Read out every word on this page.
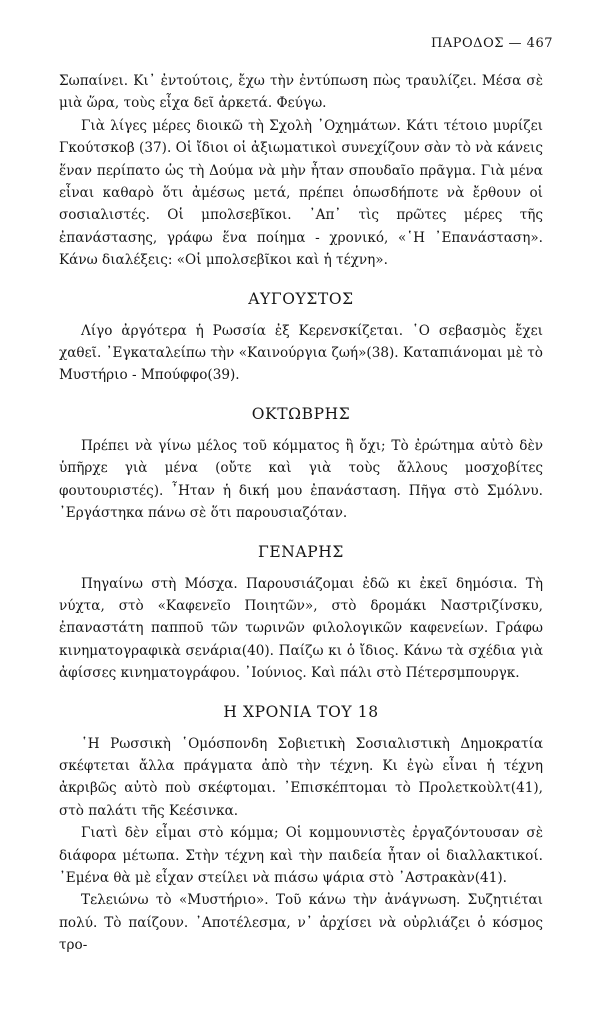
ΠΑΡΟΔΟΣ — 467

Σωπαίνει. Κι᾿ ἐντούτοις, ἔχω τὴν ἐντύπωση πὼς τραυλίζει. Μέσα σὲ μιὰ ὥρα, τοὺς εἶχα δεῖ ἀρκετά. Φεύγω.

Γιὰ λίγες μέρες διοικῶ τὴ Σχολὴ ᾿Οχημάτων. Κάτι τέτοιο μυρίζει Γκούτσκοβ (37). Οἱ ἴδιοι οἱ ἀξιωματικοὶ συνεχίζουν σὰν τὸ νὰ κάνεις ἕναν περίπατο ὡς τὴ Δούμα νὰ μὴν ἦταν σπουδαῖο πρᾶγμα. Γιὰ μένα εἶναι καθαρὸ ὅτι ἀμέσως μετά, πρέπει ὁπωσδήποτε νὰ ἔρθουν οἱ σοσιαλιστές. Οἱ μπολσεβῖκοι. ᾿Απ᾿ τὶς πρῶτες μέρες τῆς ἐπανάστασης, γράφω ἕνα ποίημα - χρονικό, «῾Η ᾿Επανάσταση». Κάνω διαλέξεις: «Οἱ μπολσεβῖκοι καὶ ἡ τέχνη».

ΑΥΓΟΥΣΤΟΣ

Λίγο ἀργότερα ἡ Ρωσσία ἐξ Κερενσκίζεται. ῾Ο σεβασμὸς ἔχει χαθεῖ. ᾿Εγκαταλείπω τὴν «Καινούργια ζωή»(38). Καταπιάνομαι μὲ τὸ Μυστήριο - Μπούφφο(39).

ΟΚΤΩΒΡΗΣ

Πρέπει νὰ γίνω μέλος τοῦ κόμματος ἢ ὄχι; Τὸ ἐρώτημα αὐτὸ δὲν ὑπῆρχε γιὰ μένα (οὔτε καὶ γιὰ τοὺς ἄλλους μοσχοβίτες φουτουριστές). ῏Ηταν ἡ δική μου ἐπανάσταση. Πῆγα στὸ Σμόλνυ. ᾿Εργάστηκα πάνω σὲ ὅτι παρουσιαζόταν.

ΓΕΝΑΡΗΣ

Πηγαίνω στὴ Μόσχα. Παρουσιάζομαι ἐδῶ κι ἐκεῖ δημόσια. Τὴ νύχτα, στὸ «Καφενεῖο Ποιητῶν», στὸ δρομάκι Ναστριζίνσκυ, ἐπαναστάτη παπποῦ τῶν τωρινῶν φιλολογικῶν καφενείων. Γράφω κινηματογραφικὰ σενάρια(40). Παίζω κι ὁ ἴδιος. Κάνω τὰ σχέδια γιὰ ἀφίσσες κινηματογράφου. ᾿Ιούνιος. Καὶ πάλι στὸ Πέτερσμπουργκ.

Η ΧΡΟΝΙΑ ΤΟΥ 18

῾Η Ρωσσικὴ ῾Ομόσπονδη Σοβιετικὴ Σοσιαλιστικὴ Δημοκρατία σκέφτεται ἄλλα πράγματα ἀπὸ τὴν τέχνη. Κι ἐγὼ εἶναι ἡ τέχνη ἀκριβῶς αὐτὸ ποὺ σκέφτομαι. ᾿Επισκέπτομαι τὸ Προλετκοὺλτ(41), στὸ παλάτι τῆς Κεέσινκα.

Γιατὶ δὲν εἶμαι στὸ κόμμα; Οἱ κομμουνιστὲς ἐργαζόντουσαν σὲ διάφορα μέτωπα. Στὴν τέχνη καὶ τὴν παιδεία ἦταν οἱ διαλλακτικοί. ᾿Εμένα θὰ μὲ εἶχαν στείλει νὰ πιάσω ψάρια στὸ ᾿Αστρακὰν(41).

Τελειώνω τὸ «Μυστήριο». Τοῦ κάνω τὴν ἀνάγνωση. Συζητιέται πολύ. Τὸ παίζουν. ᾿Αποτέλεσμα, ν᾿ ἀρχίσει νὰ οὐρλιάζει ὁ κόσμος τρο-
